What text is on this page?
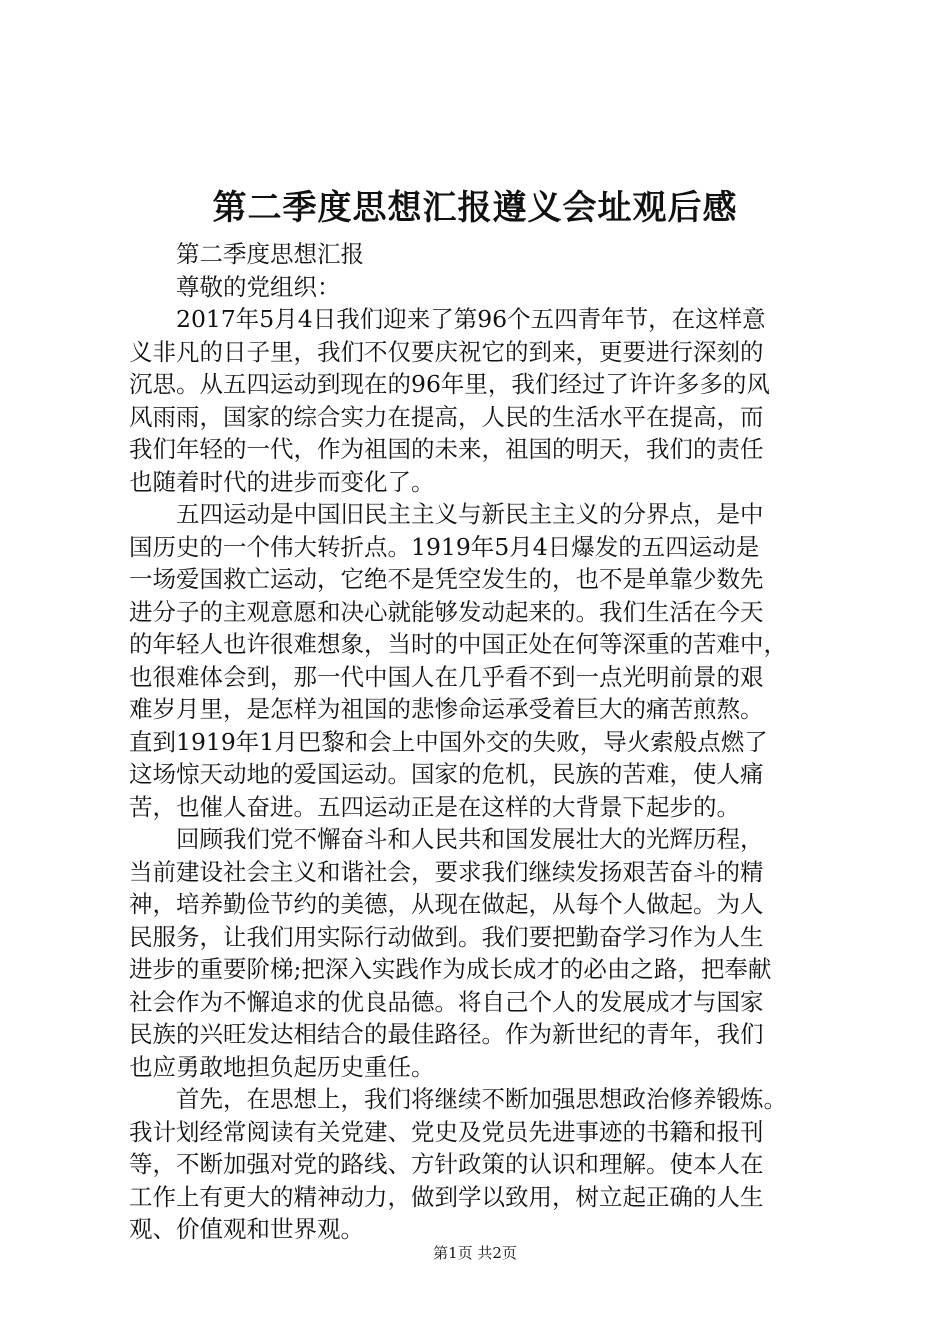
第二季度思想汇报遵义会址观后感
第二季度思想汇报
尊敬的党组织：
2017年5月4日我们迎来了第96个五四青年节，在这样意
义非凡的日子里，我们不仅要庆祝它的到来，更要进行深刻的
沉思。从五四运动到现在的96年里，我们经过了许许多多的风
风雨雨，国家的综合实力在提高，人民的生活水平在提高，而
我们年轻的一代，作为祖国的未来，祖国的明天，我们的责任
也随着时代的进步而变化了。
五四运动是中国旧民主主义与新民主主义的分界点，是中
国历史的一个伟大转折点。1919年5月4日爆发的五四运动是
一场爱国救亡运动，它绝不是凭空发生的，也不是单靠少数先
进分子的主观意愿和决心就能够发动起来的。我们生活在今天
的年轻人也许很难想象，当时的中国正处在何等深重的苦难中，
也很难体会到，那一代中国人在几乎看不到一点光明前景的艰
难岁月里，是怎样为祖国的悲惨命运承受着巨大的痛苦煎熬。
直到1919年1月巴黎和会上中国外交的失败，导火索般点燃了
这场惊天动地的爱国运动。国家的危机，民族的苦难，使人痛
苦，也催人奋进。五四运动正是在这样的大背景下起步的。
回顾我们党不懈奋斗和人民共和国发展壮大的光辉历程，
当前建设社会主义和谐社会，要求我们继续发扬艰苦奋斗的精
神，培养勤俭节约的美德，从现在做起，从每个人做起。为人
民服务，让我们用实际行动做到。我们要把勤奋学习作为人生
进步的重要阶梯;把深入实践作为成长成才的必由之路，把奉献
社会作为不懈追求的优良品德。将自己个人的发展成才与国家
民族的兴旺发达相结合的最佳路径。作为新世纪的青年，我们
也应勇敢地担负起历史重任。
首先，在思想上，我们将继续不断加强思想政治修养锻炼。
我计划经常阅读有关党建、党史及党员先进事迹的书籍和报刊
等，不断加强对党的路线、方针政策的认识和理解。使本人在
工作上有更大的精神动力，做到学以致用，树立起正确的人生
观、价值观和世界观。
第1页 共2页
